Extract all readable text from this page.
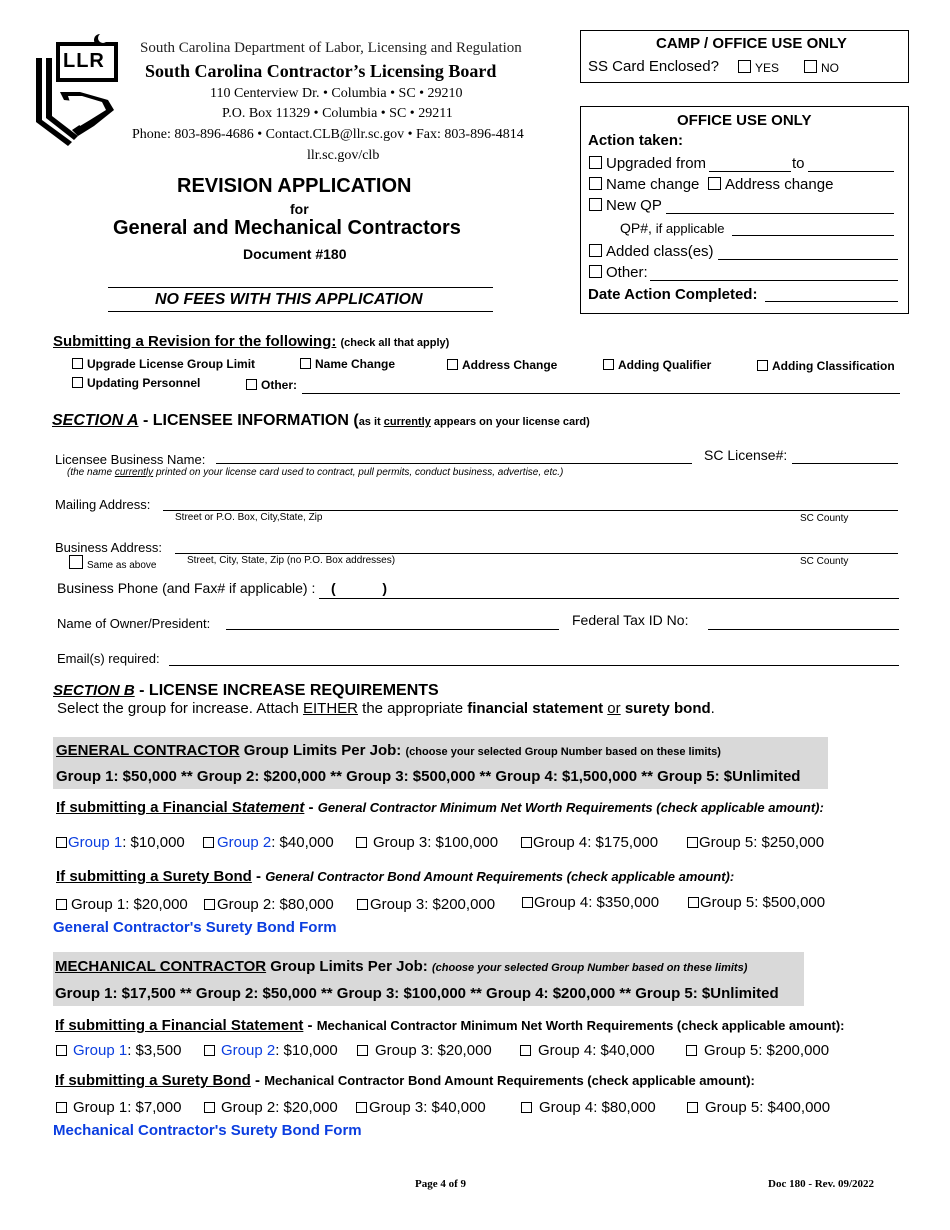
LLR
South Carolina Department of Labor, Licensing and Regulation
South Carolina Contractor’s Licensing Board
110 Centerview Dr. • Columbia • SC • 29210
P.O. Box 11329 • Columbia • SC • 29211
Phone: 803-896-4686 • Contact.CLB@llr.sc.gov • Fax: 803-896-4814
llr.sc.gov/clb
REVISION APPLICATION
for
General and Mechanical Contractors
Document #180
NO FEES WITH THIS APPLICATION
CAMP / OFFICE USE ONLY
SS Card Enclosed?	YES	NO
OFFICE USE ONLY
Action taken:
Upgraded from	to
Name change	Address change
New QP
QP#, if applicable
Added class(es)
Other:
Date Action Completed:
Submitting a Revision for the following: (check all that apply)
Upgrade License Group Limit	Name Change	Address Change	Adding Qualifier	Adding Classification
Updating Personnel	Other:
SECTION A - LICENSEE INFORMATION (as it currently appears on your license card)
Licensee Business Name:
(the name currently printed on your license card used to contract, pull permits, conduct business, advertise, etc.)
SC License#:
Mailing Address:
Street or P.O. Box, City,State, Zip	SC County
Business Address:
Street, City, State, Zip (no P.O. Box addresses)	SC County
Same as above
Business Phone (and Fax# if applicable) : (            )
Name of Owner/President:	Federal Tax ID No:
Email(s) required:
SECTION B - LICENSE INCREASE REQUIREMENTS
Select the group for increase. Attach EITHER the appropriate financial statement or surety bond.
GENERAL CONTRACTOR Group Limits Per Job: (choose your selected Group Number based on these limits)
Group 1: $50,000 ** Group 2: $200,000 ** Group 3: $500,000 ** Group 4: $1,500,000 ** Group 5: $Unlimited
If submitting a Financial Statement - General Contractor Minimum Net Worth Requirements (check applicable amount):
Group 1: $10,000	Group 2: $40,000	Group 3: $100,000	Group 4: $175,000	Group 5: $250,000
If submitting a Surety Bond - General Contractor Bond Amount Requirements (check applicable amount):
Group 1: $20,000	Group 2: $80,000	Group 3: $200,000	Group 4: $350,000	Group 5: $500,000
General Contractor's Surety Bond Form
MECHANICAL CONTRACTOR Group Limits Per Job: (choose your selected Group Number based on these limits)
Group 1: $17,500 ** Group 2: $50,000 ** Group 3: $100,000 ** Group 4: $200,000 ** Group 5: $Unlimited
If submitting a Financial Statement - Mechanical Contractor Minimum Net Worth Requirements (check applicable amount):
Group 1: $3,500	Group 2: $10,000	Group 3: $20,000	Group 4: $40,000	Group 5: $200,000
If submitting a Surety Bond - Mechanical Contractor Bond Amount Requirements (check applicable amount):
Group 1: $7,000	Group 2: $20,000	Group 3: $40,000	Group 4: $80,000	Group 5: $400,000
Mechanical Contractor's Surety Bond Form
Page 4 of 9	Doc 180 - Rev. 09/2022
